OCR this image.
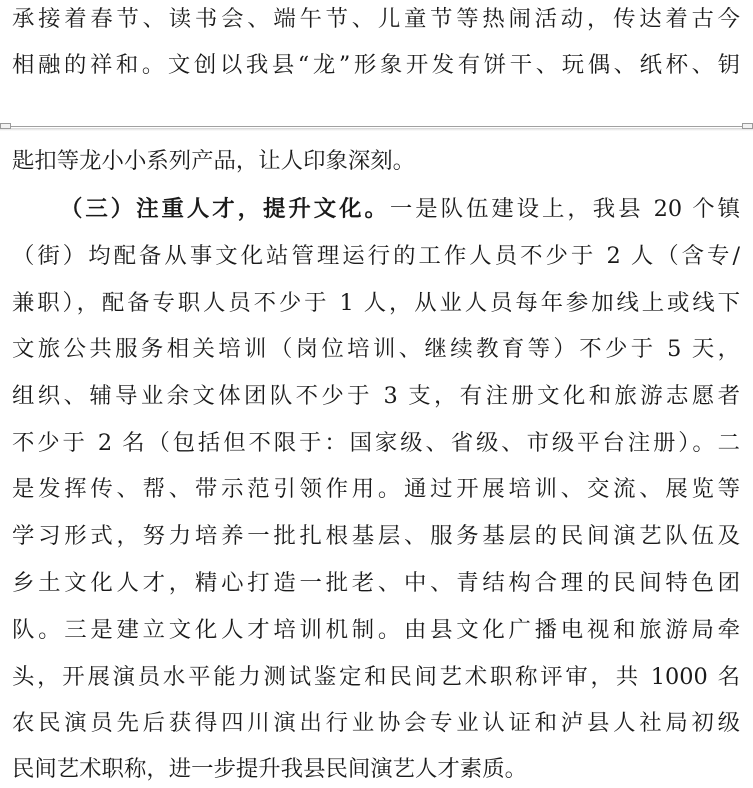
承接着春节、读书会、端午节、儿童节等热闹活动，传达着古今
相融的祥和。文创以我县“龙”形象开发有饼干、玩偶、纸杯、钥
匙扣等龙小小系列产品，让人印象深刻。
（三）注重人才，提升文化。一是队伍建设上，我县 20 个镇
（街）均配备从事文化站管理运行的工作人员不少于 2 人（含专/
兼职），配备专职人员不少于 1 人，从业人员每年参加线上或线下
文旅公共服务相关培训（岗位培训、继续教育等）不少于 5 天，
组织、辅导业余文体团队不少于 3 支，有注册文化和旅游志愿者
不少于 2 名（包括但不限于：国家级、省级、市级平台注册）。二
是发挥传、帮、带示范引领作用。通过开展培训、交流、展览等
学习形式，努力培养一批扎根基层、服务基层的民间演艺队伍及
乡土文化人才，精心打造一批老、中、青结构合理的民间特色团
队。三是建立文化人才培训机制。由县文化广播电视和旅游局牵
头，开展演员水平能力测试鉴定和民间艺术职称评审，共 1000 名
农民演员先后获得四川演出行业协会专业认证和泸县人社局初级
民间艺术职称，进一步提升我县民间演艺人才素质。
